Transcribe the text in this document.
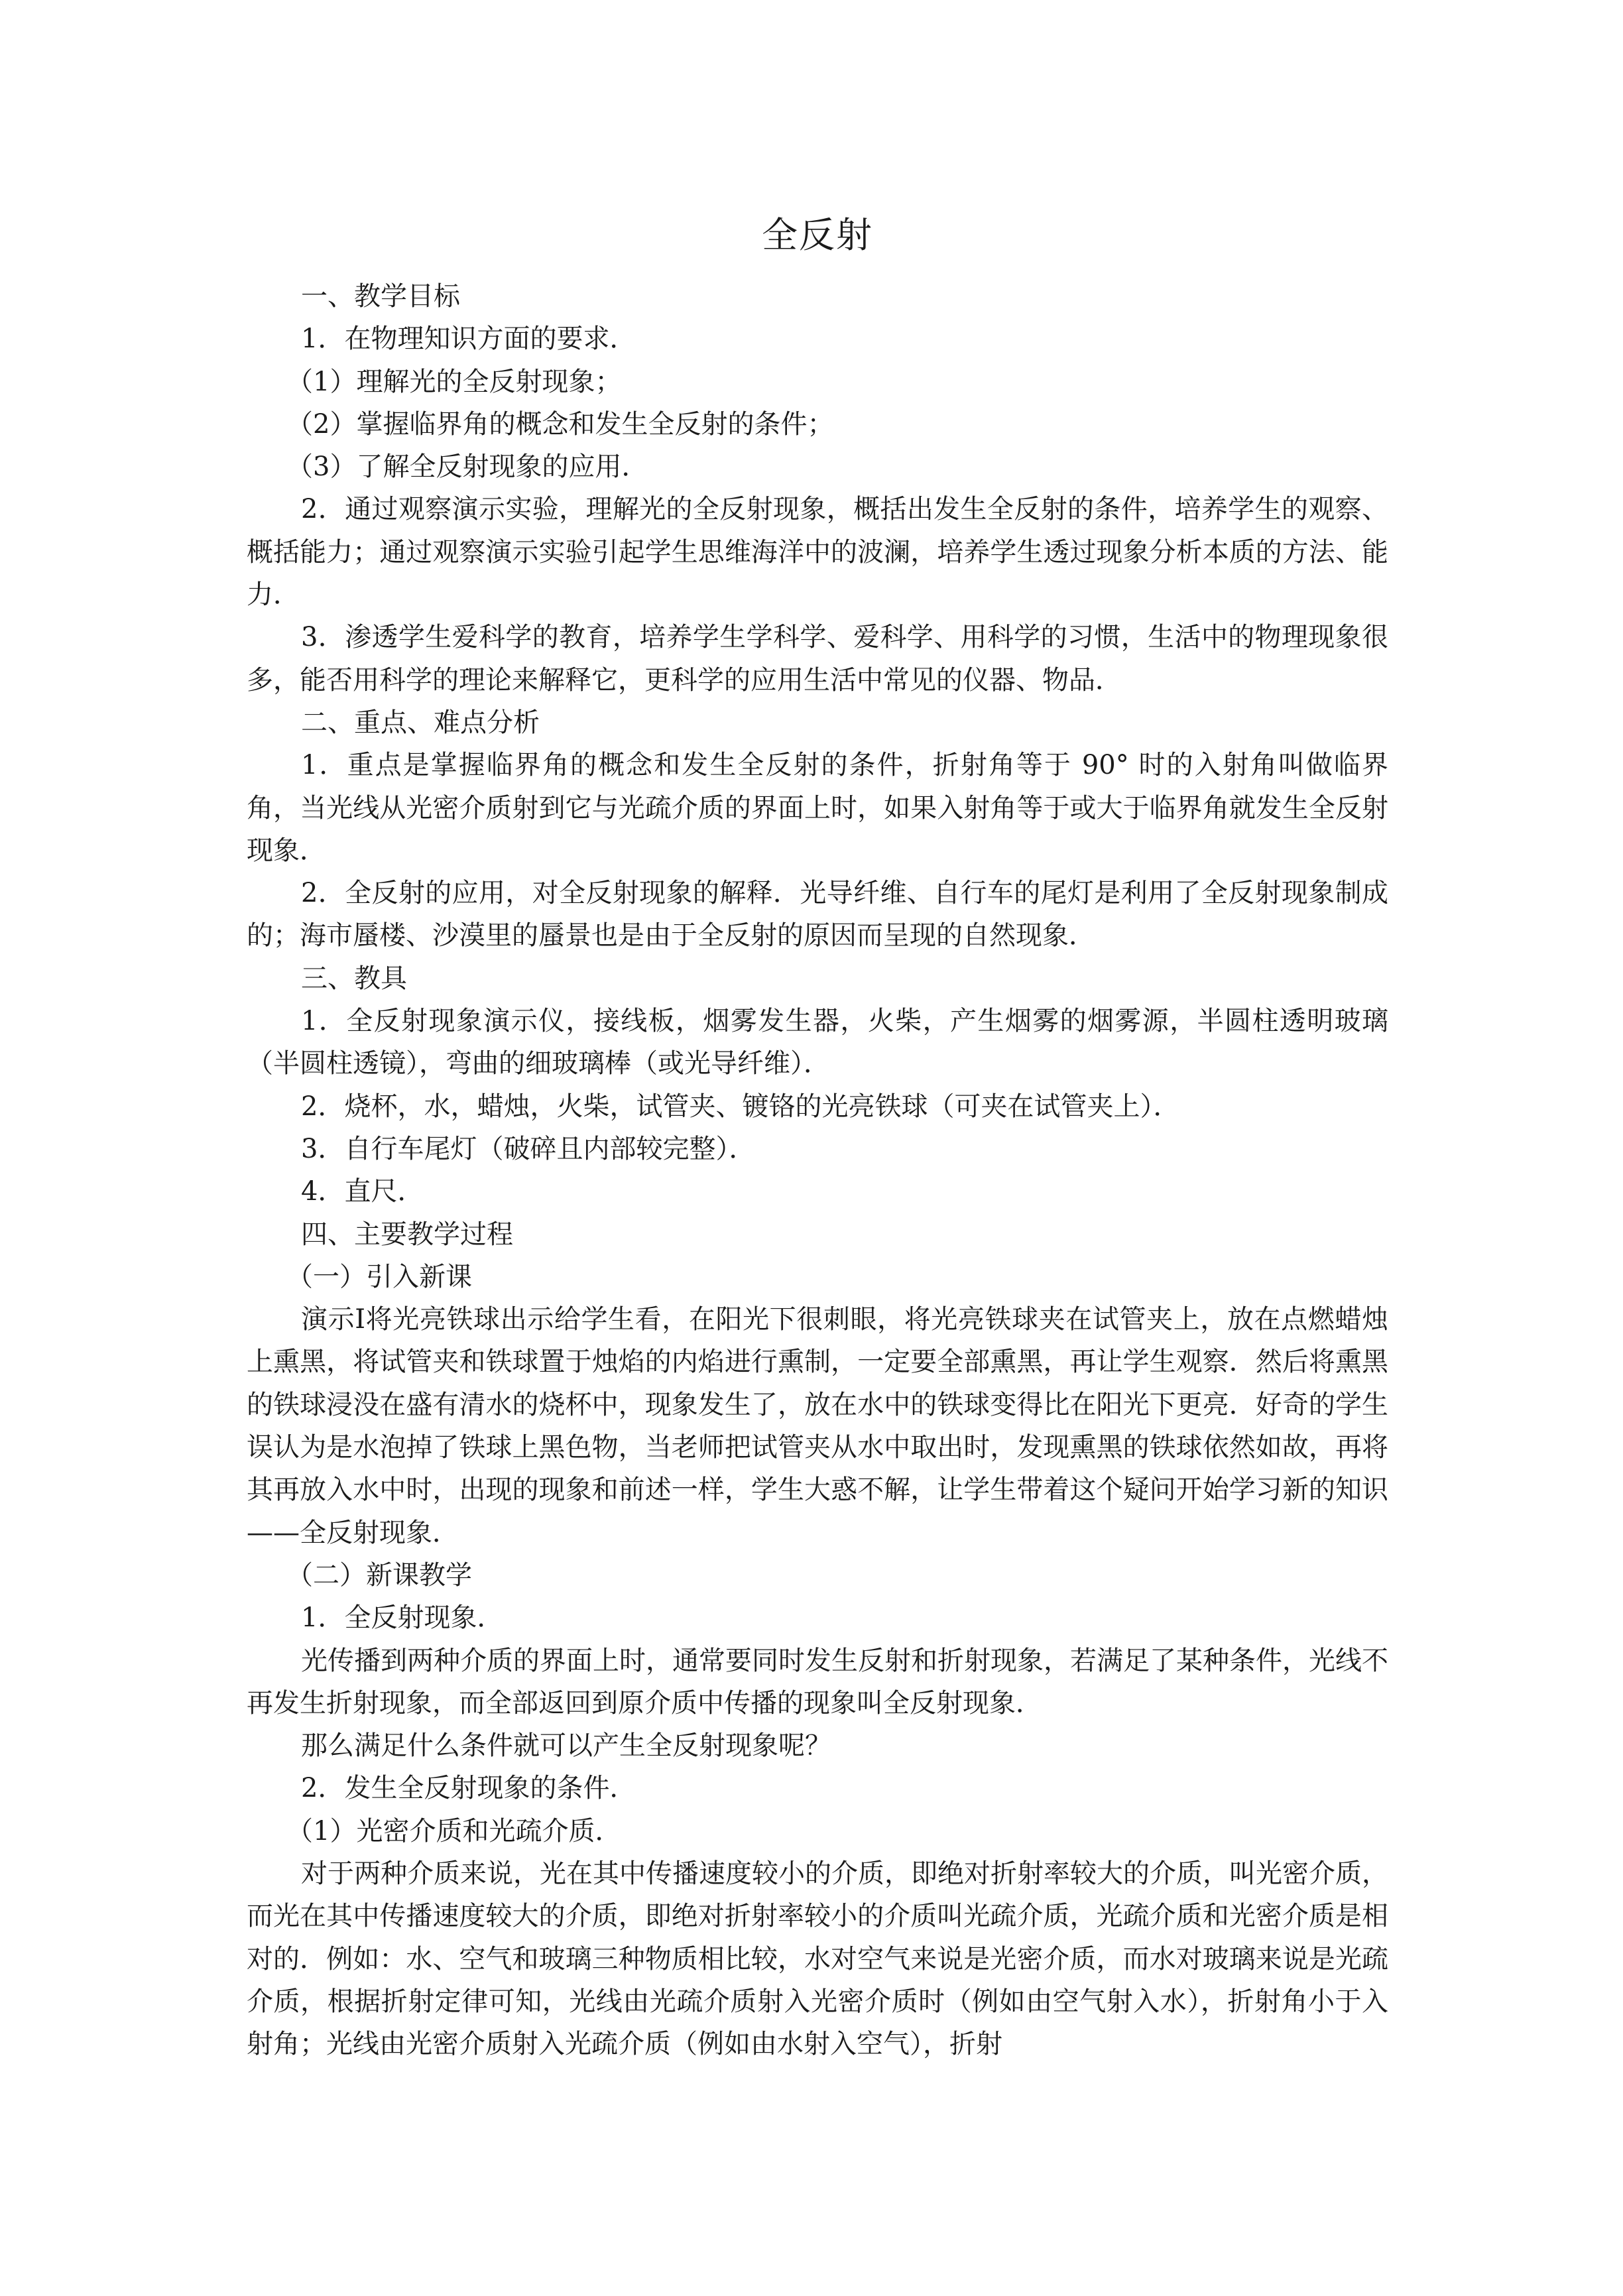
全反射

一、教学目标

1．在物理知识方面的要求．

（1）理解光的全反射现象；

（2）掌握临界角的概念和发生全反射的条件；

（3）了解全反射现象的应用．

2．通过观察演示实验，理解光的全反射现象，概括出发生全反射的条件，培养学生的观察、概括能力；通过观察演示实验引起学生思维海洋中的波澜，培养学生透过现象分析本质的方法、能力．

3．渗透学生爱科学的教育，培养学生学科学、爱科学、用科学的习惯，生活中的物理现象很多，能否用科学的理论来解释它，更科学的应用生活中常见的仪器、物品．

二、重点、难点分析

1．重点是掌握临界角的概念和发生全反射的条件，折射角等于 90° 时的入射角叫做临界角，当光线从光密介质射到它与光疏介质的界面上时，如果入射角等于或大于临界角就发生全反射现象．

2．全反射的应用，对全反射现象的解释．光导纤维、自行车的尾灯是利用了全反射现象制成的；海市蜃楼、沙漠里的蜃景也是由于全反射的原因而呈现的自然现象．

三、教具

1．全反射现象演示仪，接线板，烟雾发生器，火柴，产生烟雾的烟雾源，半圆柱透明玻璃（半圆柱透镜），弯曲的细玻璃棒（或光导纤维）．

2．烧杯，水，蜡烛，火柴，试管夹、镀铬的光亮铁球（可夹在试管夹上）．

3．自行车尾灯（破碎且内部较完整）．

4．直尺．

四、主要教学过程

（一）引入新课

演示Ⅰ将光亮铁球出示给学生看，在阳光下很刺眼，将光亮铁球夹在试管夹上，放在点燃蜡烛上熏黑，将试管夹和铁球置于烛焰的内焰进行熏制，一定要全部熏黑，再让学生观察．然后将熏黑的铁球浸没在盛有清水的烧杯中，现象发生了，放在水中的铁球变得比在阳光下更亮．好奇的学生误认为是水泡掉了铁球上黑色物，当老师把试管夹从水中取出时，发现熏黑的铁球依然如故，再将其再放入水中时，出现的现象和前述一样，学生大惑不解，让学生带着这个疑问开始学习新的知识——全反射现象．

（二）新课教学

1．全反射现象．

光传播到两种介质的界面上时，通常要同时发生反射和折射现象，若满足了某种条件，光线不再发生折射现象，而全部返回到原介质中传播的现象叫全反射现象．

那么满足什么条件就可以产生全反射现象呢？

2．发生全反射现象的条件．

（1）光密介质和光疏介质．

对于两种介质来说，光在其中传播速度较小的介质，即绝对折射率较大的介质，叫光密介质，而光在其中传播速度较大的介质，即绝对折射率较小的介质叫光疏介质，光疏介质和光密介质是相对的．例如：水、空气和玻璃三种物质相比较，水对空气来说是光密介质，而水对玻璃来说是光疏介质，根据折射定律可知，光线由光疏介质射入光密介质时（例如由空气射入水），折射角小于入射角；光线由光密介质射入光疏介质（例如由水射入空气），折射
